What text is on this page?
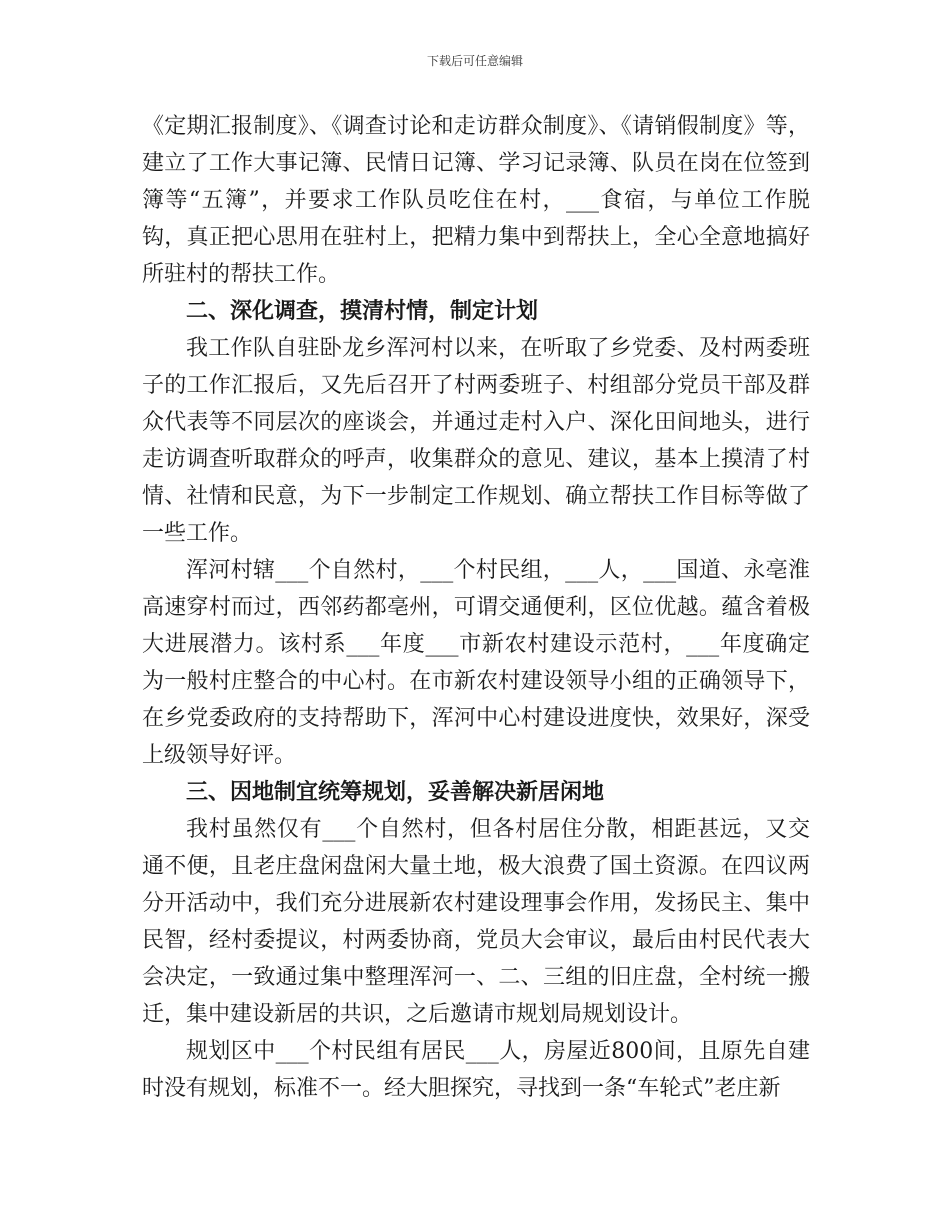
下载后可任意编辑

《定期汇报制度》、《调查讨论和走访群众制度》、《请销假制度》等，建立了工作大事记簿、民情日记簿、学习记录簿、队员在岗在位签到簿等“五簿”，并要求工作队员吃住在村，___食宿，与单位工作脱钩，真正把心思用在驻村上，把精力集中到帮扶上，全心全意地搞好所驻村的帮扶工作。

二、深化调查，摸清村情，制定计划

我工作队自驻卧龙乡浑河村以来，在听取了乡党委、及村两委班子的工作汇报后，又先后召开了村两委班子、村组部分党员干部及群众代表等不同层次的座谈会，并通过走村入户、深化田间地头，进行走访调查听取群众的呼声，收集群众的意见、建议，基本上摸清了村情、社情和民意，为下一步制定工作规划、确立帮扶工作目标等做了一些工作。

浑河村辖___个自然村，___个村民组，___人，___国道、永亳淮高速穿村而过，西邻药都亳州，可谓交通便利，区位优越。蕴含着极大进展潜力。该村系___年度___市新农村建设示范村，___年度确定为一般村庄整合的中心村。在市新农村建设领导小组的正确领导下，在乡党委政府的支持帮助下，浑河中心村建设进度快，效果好，深受上级领导好评。

三、因地制宜统筹规划，妥善解决新居闲地

我村虽然仅有___个自然村，但各村居住分散，相距甚远，又交通不便，且老庄盘闲盘闲大量土地，极大浪费了国土资源。在四议两分开活动中，我们充分进展新农村建设理事会作用，发扬民主、集中民智，经村委提议，村两委协商，党员大会审议，最后由村民代表大会决定，一致通过集中整理浑河一、二、三组的旧庄盘，全村统一搬迁，集中建设新居的共识，之后邀请市规划局规划设计。

规划区中___个村民组有居民___人，房屋近800间，且原先自建时没有规划，标准不一。经大胆探究，寻找到一条“车轮式”老庄新
